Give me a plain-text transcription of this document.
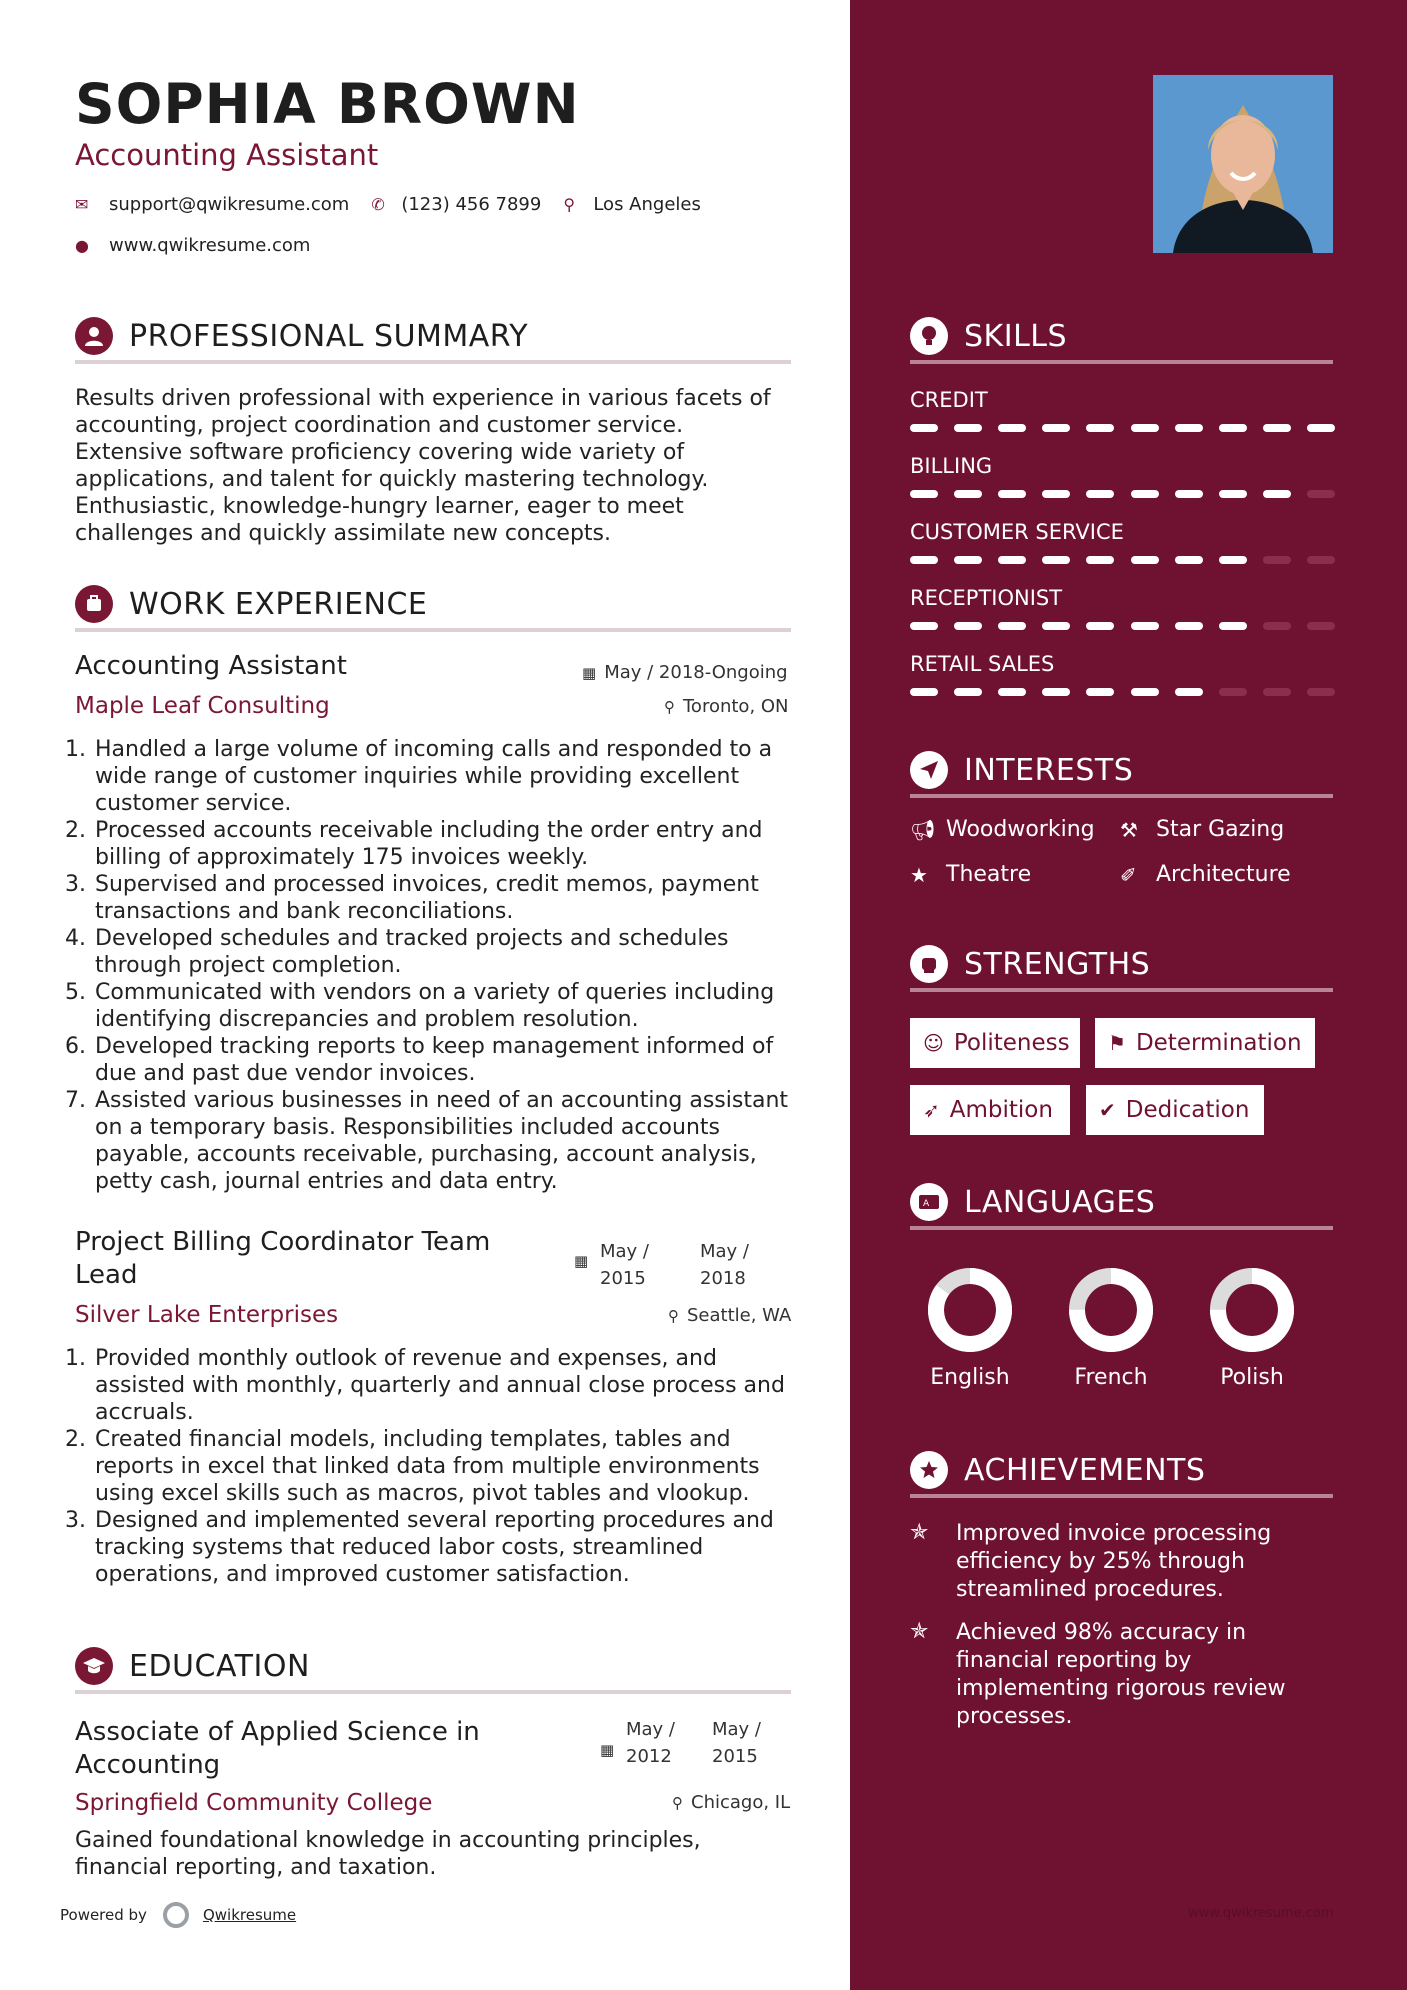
SOPHIA BROWN
Accounting Assistant
✉	support@qwikresume.com ✆ (123) 456 7899 ⚲	Los Angeles
●	www.qwikresume.com
PROFESSIONAL SUMMARY
Results driven professional with experience in various facets of accounting, project coordination and customer service. Extensive software proficiency covering wide variety of applications, and talent for quickly mastering technology. Enthusiastic, knowledge-hungry learner, eager to meet challenges and quickly assimilate new concepts.
WORK EXPERIENCE
Accounting Assistant	▦ May / 2018-Ongoing
Maple Leaf Consulting	⚲ Toronto, ON
1. Handled a large volume of incoming calls and responded to a wide range of customer inquiries while providing excellent customer service.
2. Processed accounts receivable including the order entry and billing of approximately 175 invoices weekly.
3. Supervised and processed invoices, credit memos, payment transactions and bank reconciliations.
4. Developed schedules and tracked projects and schedules through project completion.
5. Communicated with vendors on a variety of queries including identifying discrepancies and problem resolution.
6. Developed tracking reports to keep management informed of due and past due vendor invoices.
7. Assisted various businesses in need of an accounting assistant on a temporary basis. Responsibilities included accounts payable, accounts receivable, purchasing, account analysis, petty cash, journal entries and data entry.
Project Billing Coordinator Team Lead	▦ May / 2015
May / 2018
Silver Lake Enterprises	⚲ Seattle, WA
1. Provided monthly outlook of revenue and expenses, and assisted with monthly, quarterly and annual close process and accruals.
2. Created financial models, including templates, tables and reports in excel that linked data from multiple environments using excel skills such as macros, pivot tables and vlookup.
3. Designed and implemented several reporting procedures and tracking systems that reduced labor costs, streamlined operations, and improved customer satisfaction.
EDUCATION
Associate of Applied Science in Accounting	▦
May / 2012
May / 2015
Springfield Community College	⚲ Chicago, IL
Gained foundational knowledge in accounting principles, financial reporting, and taxation.
Powered by	Qwikresume
SKILLS
CREDIT
BILLING
CUSTOMER SERVICE
RECEPTIONIST
RETAIL SALES
INTERESTS
📢︎ Woodworking ⚒ Star Gazing
★ Theatre	✐ Architecture
STRENGTHS
☺ Politeness ⚑ Determination
➶ Ambition ✔ Dedication
A LANGUAGES
English	French	Polish
ACHIEVEMENTS
✯	Improved invoice processing efficiency by 25% through streamlined procedures.
✯	Achieved 98% accuracy in financial reporting by implementing rigorous review processes.
www.qwikresume.com
